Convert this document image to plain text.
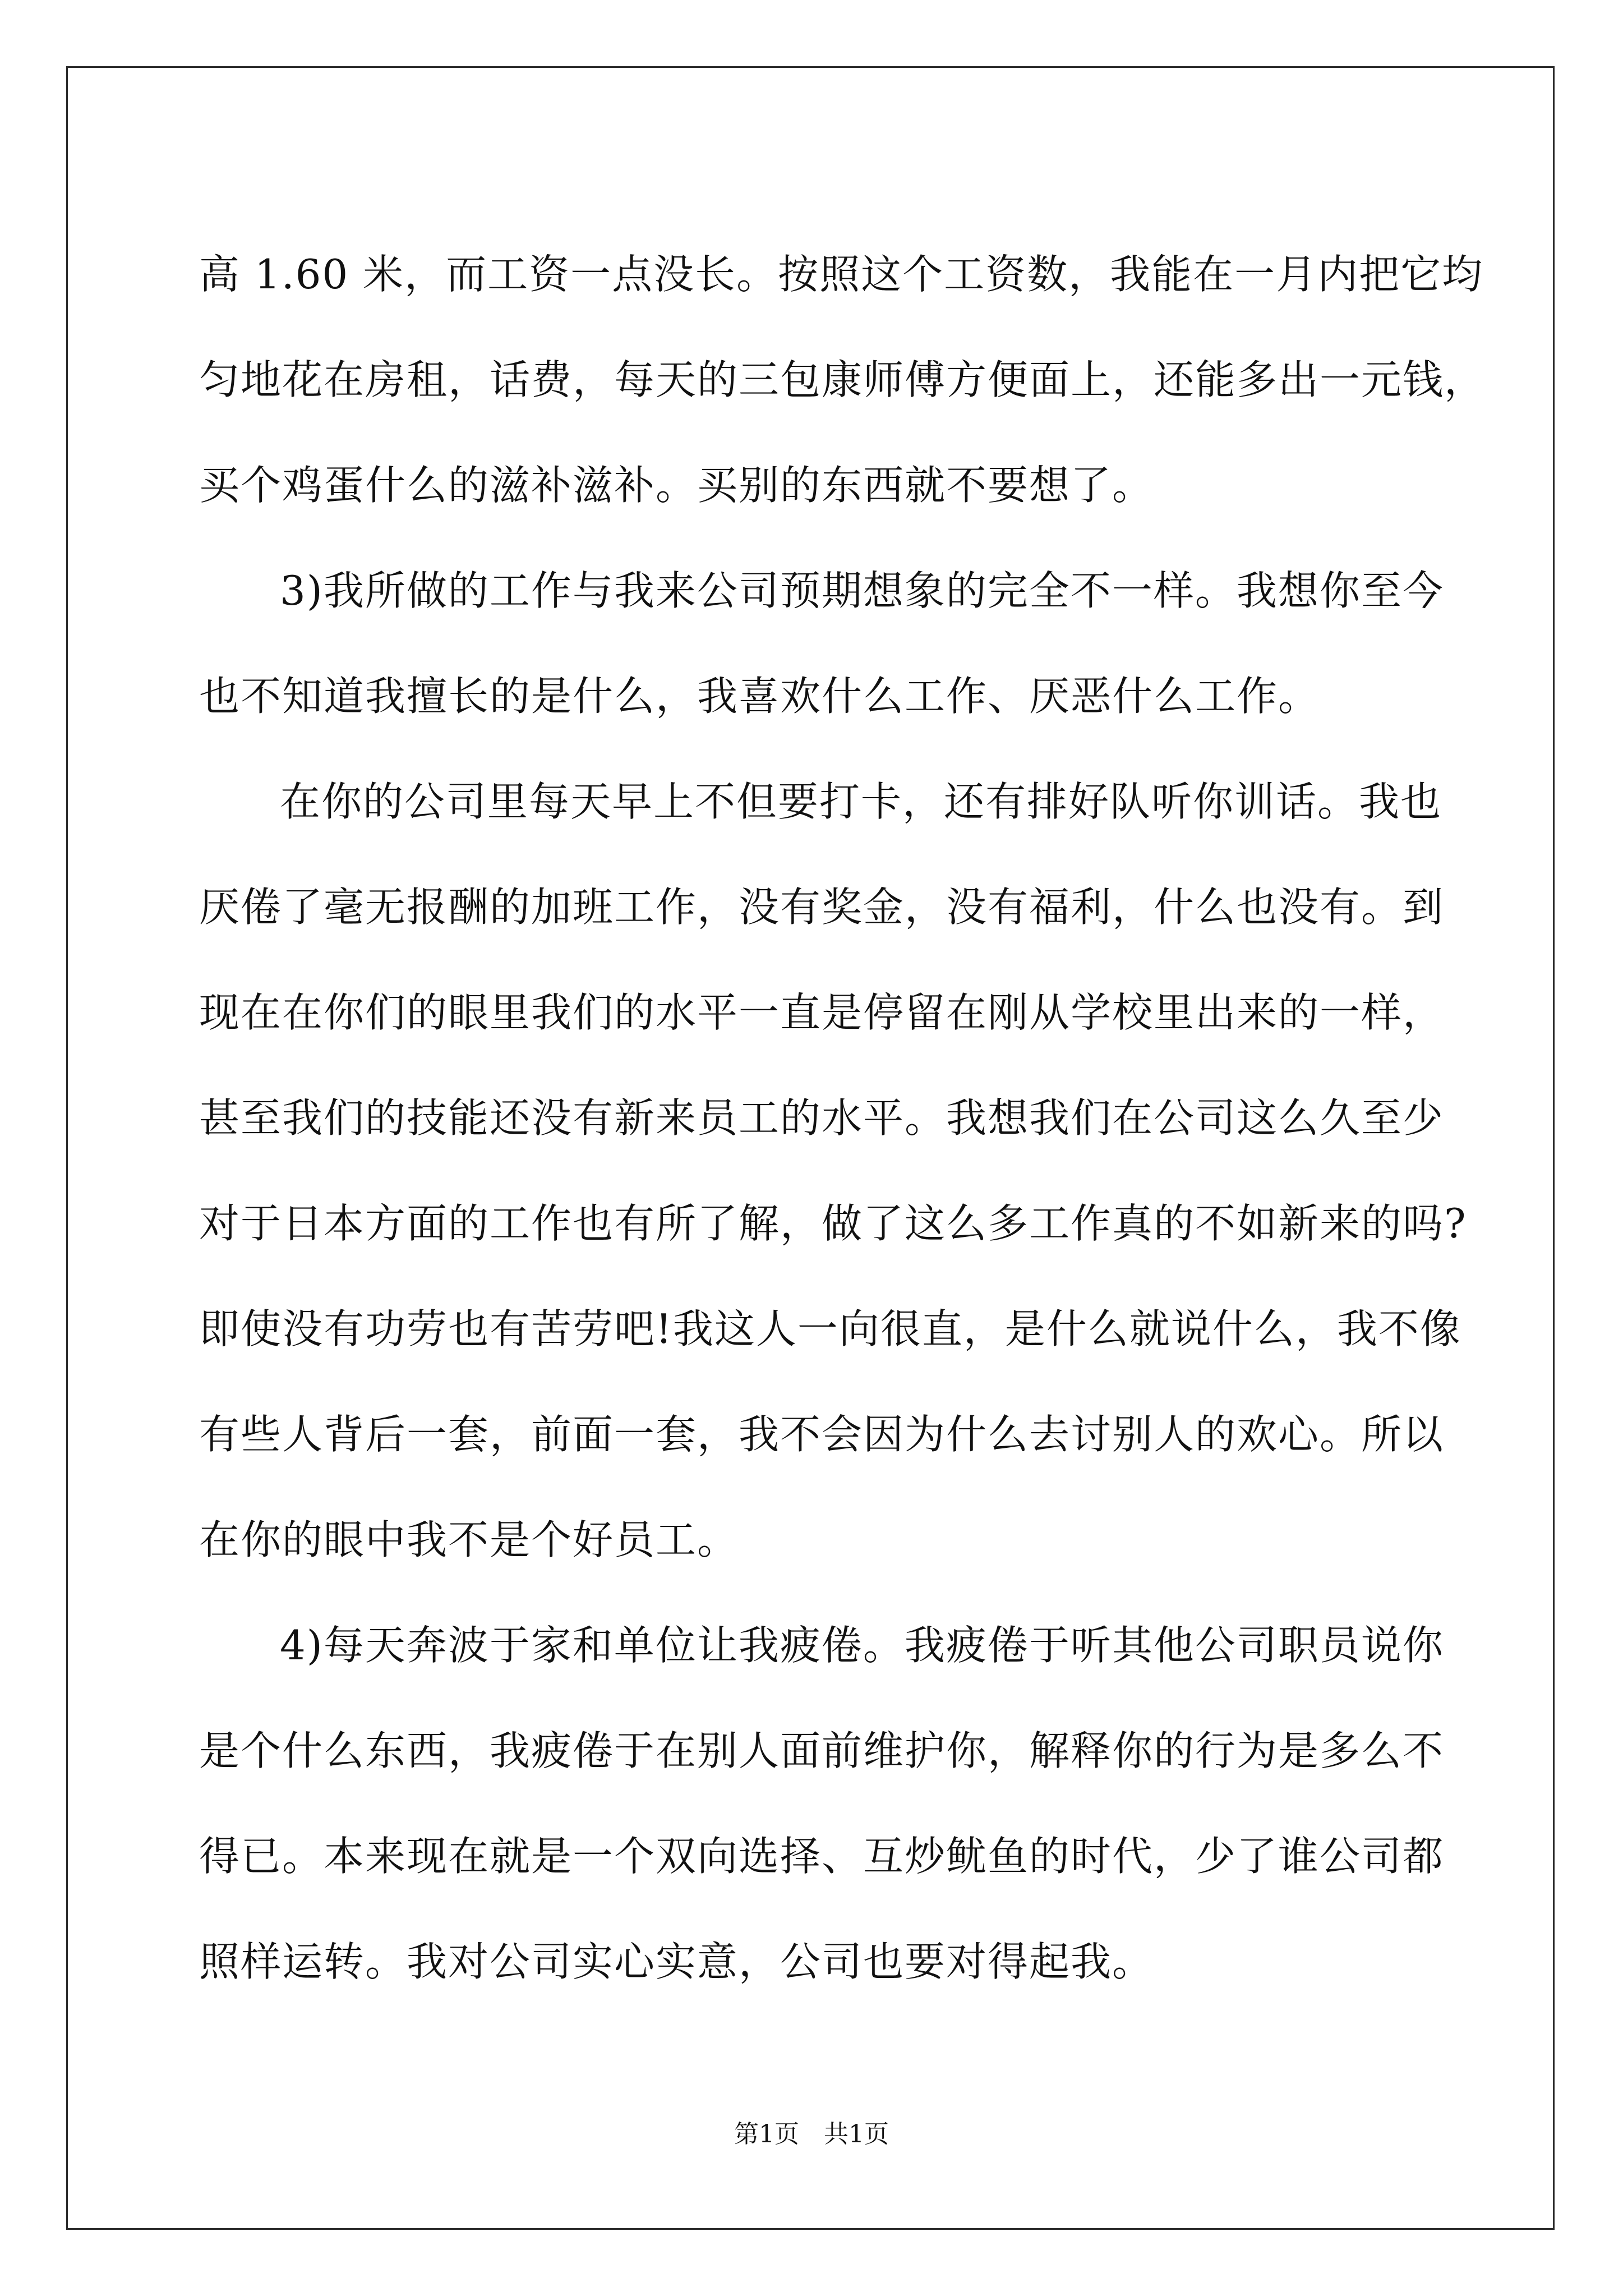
高 1.60 米，而工资一点没长。按照这个工资数，我能在一月内把它均

匀地花在房租，话费，每天的三包康师傅方便面上，还能多出一元钱，

买个鸡蛋什么的滋补滋补。买别的东西就不要想了。

3)我所做的工作与我来公司预期想象的完全不一样。我想你至今

也不知道我擅长的是什么，我喜欢什么工作、厌恶什么工作。

在你的公司里每天早上不但要打卡，还有排好队听你训话。我也

厌倦了毫无报酬的加班工作，没有奖金，没有福利，什么也没有。到

现在在你们的眼里我们的水平一直是停留在刚从学校里出来的一样，

甚至我们的技能还没有新来员工的水平。我想我们在公司这么久至少

对于日本方面的工作也有所了解，做了这么多工作真的不如新来的吗?

即使没有功劳也有苦劳吧!我这人一向很直，是什么就说什么，我不像

有些人背后一套，前面一套，我不会因为什么去讨别人的欢心。所以

在你的眼中我不是个好员工。

4)每天奔波于家和单位让我疲倦。我疲倦于听其他公司职员说你

是个什么东西，我疲倦于在别人面前维护你，解释你的行为是多么不

得已。本来现在就是一个双向选择、互炒鱿鱼的时代，少了谁公司都

照样运转。我对公司实心实意，公司也要对得起我。

第1页　共1页
